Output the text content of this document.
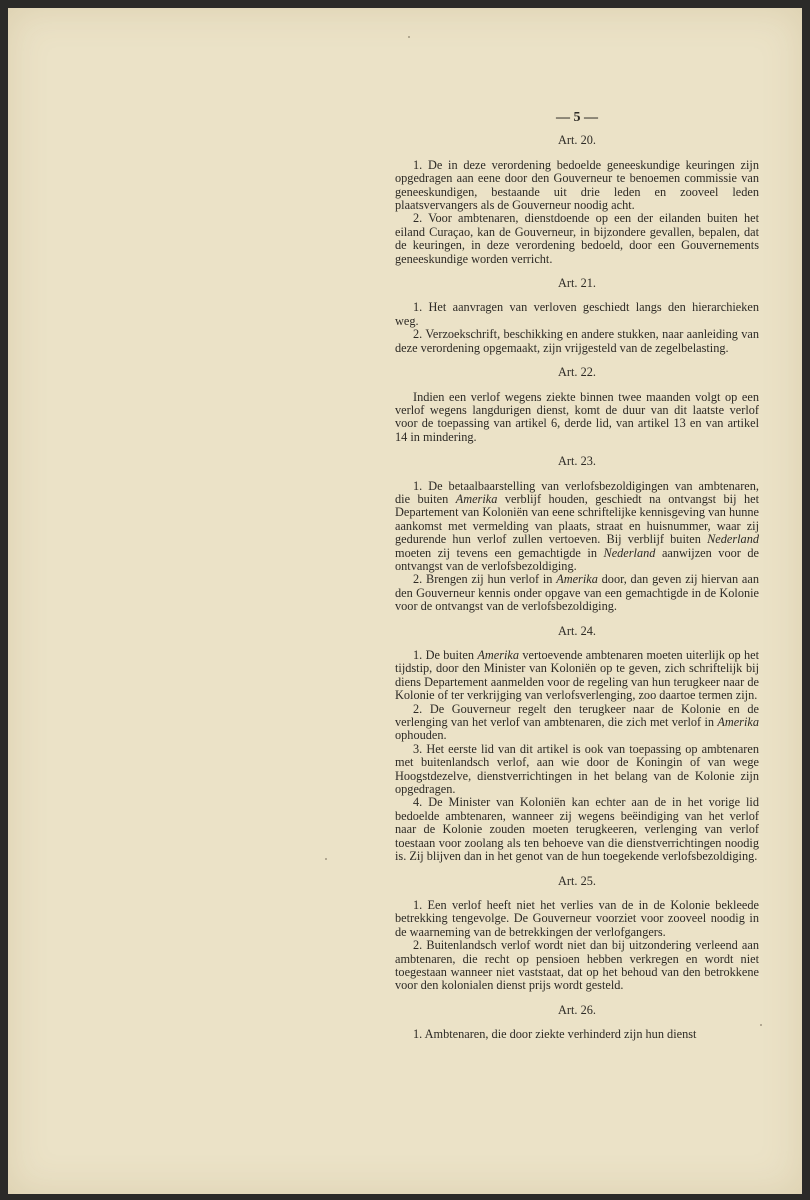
— 5 —
Art. 20.

1. De in deze verordening bedoelde geneeskundige keuringen zijn opgedragen aan eene door den Gouverneur te benoemen commissie van geneeskundigen, bestaande uit drie leden en zooveel leden plaatsvervangers als de Gouverneur noodig acht.

2. Voor ambtenaren, dienstdoende op een der eilanden buiten het eiland Curaçao, kan de Gouverneur, in bijzondere gevallen, bepalen, dat de keuringen, in deze verordening bedoeld, door een Gouvernements geneeskundige worden verricht.

Art. 21.

1. Het aanvragen van verloven geschiedt langs den hierarchieken weg.

2. Verzoekschrift, beschikking en andere stukken, naar aanleiding van deze verordening opgemaakt, zijn vrijgesteld van de zegelbelasting.

Art. 22.

Indien een verlof wegens ziekte binnen twee maanden volgt op een verlof wegens langdurigen dienst, komt de duur van dit laatste verlof voor de toepassing van artikel 6, derde lid, van artikel 13 en van artikel 14 in mindering.

Art. 23.

1. De betaalbaarstelling van verlofsbezoldigingen van ambtenaren, die buiten Amerika verblijf houden, geschiedt na ontvangst bij het Departement van Koloniën van eene schriftelijke kennisgeving van hunne aankomst met vermelding van plaats, straat en huisnummer, waar zij gedurende hun verlof zullen vertoeven. Bij verblijf buiten Nederland moeten zij tevens een gemachtigde in Nederland aanwijzen voor de ontvangst van de verlofsbezoldiging.

2. Brengen zij hun verlof in Amerika door, dan geven zij hiervan aan den Gouverneur kennis onder opgave van een gemachtigde in de Kolonie voor de ontvangst van de verlofsbezoldiging.

Art. 24.

1. De buiten Amerika vertoevende ambtenaren moeten uiterlijk op het tijdstip, door den Minister van Koloniën op te geven, zich schriftelijk bij diens Departement aanmelden voor de regeling van hun terugkeer naar de Kolonie of ter verkrijging van verlofsverlenging, zoo daartoe termen zijn.

2. De Gouverneur regelt den terugkeer naar de Kolonie en de verlenging van het verlof van ambtenaren, die zich met verlof in Amerika ophouden.

3. Het eerste lid van dit artikel is ook van toepassing op ambtenaren met buitenlandsch verlof, aan wie door de Koningin of van wege Hoogstdezelve, dienstverrichtingen in het belang van de Kolonie zijn opgedragen.

4. De Minister van Koloniën kan echter aan de in het vorige lid bedoelde ambtenaren, wanneer zij wegens beëindiging van het verlof naar de Kolonie zouden moeten terugkeeren, verlenging van verlof toestaan voor zoolang als ten behoeve van die dienstverrichtingen noodig is. Zij blijven dan in het genot van de hun toegekende verlofsbezoldiging.

Art. 25.

1. Een verlof heeft niet het verlies van de in de Kolonie bekleede betrekking tengevolge. De Gouverneur voorziet voor zooveel noodig in de waarneming van de betrekkingen der verlofgangers.

2. Buitenlandsch verlof wordt niet dan bij uitzondering verleend aan ambtenaren, die recht op pensioen hebben verkregen en wordt niet toegestaan wanneer niet vaststaat, dat op het behoud van den betrokkene voor den kolonialen dienst prijs wordt gesteld.

Art. 26.

1. Ambtenaren, die door ziekte verhinderd zijn hun dienst
